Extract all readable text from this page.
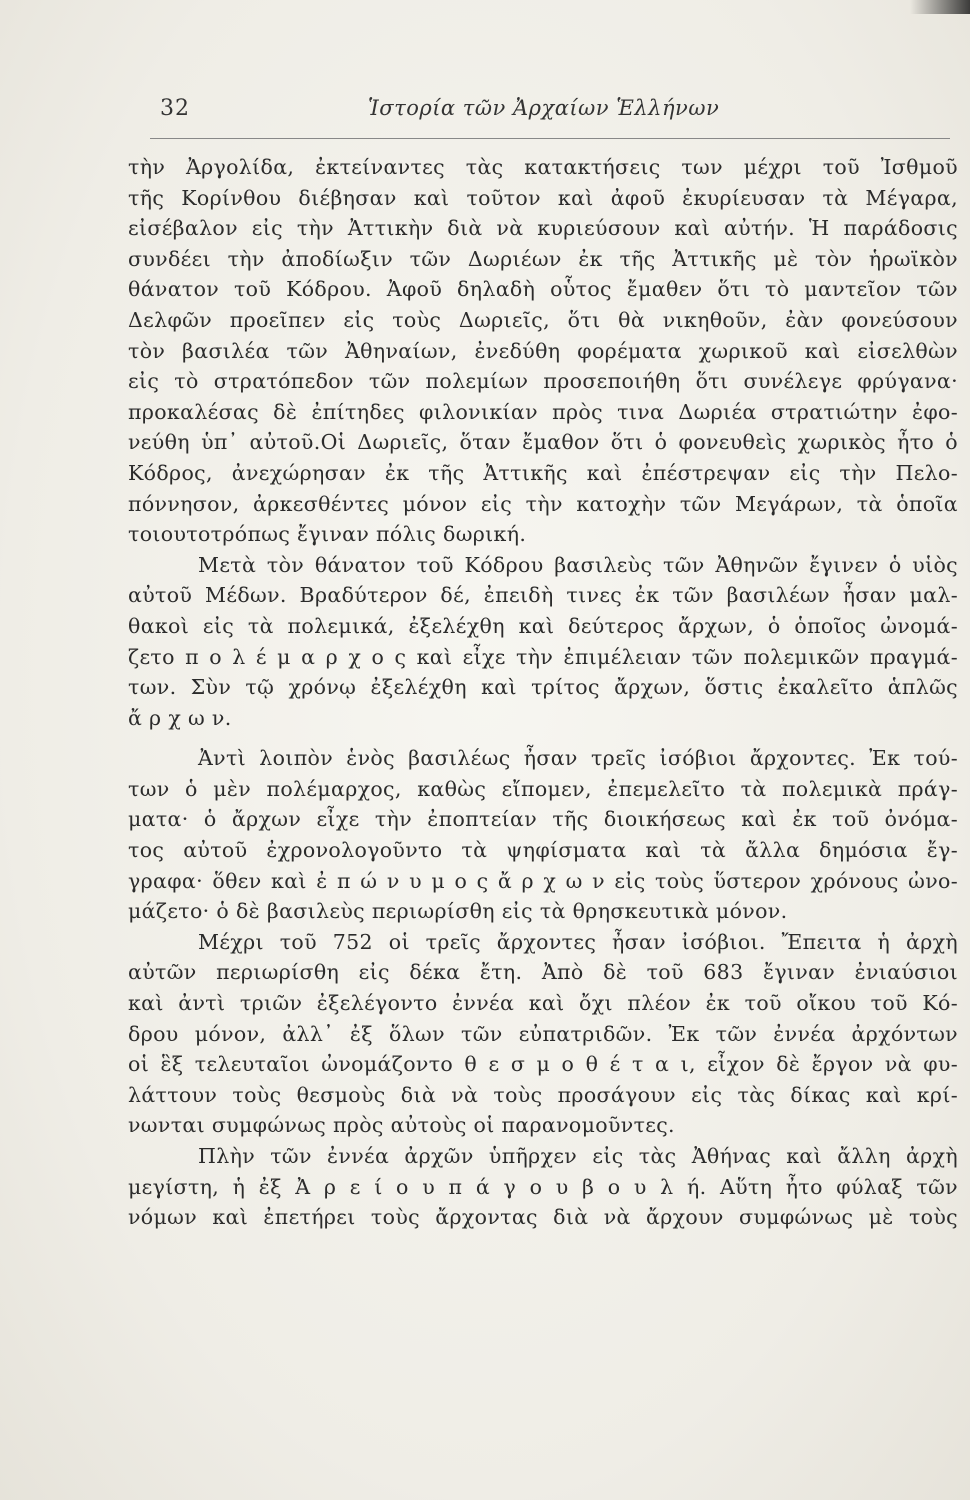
32	Ἱστορία τῶν Ἀρχαίων Ἑλλήνων
τὴν Ἀργολίδα, ἐκτείναντες τὰς κατακτήσεις των μέχρι τοῦ Ἰσθμοῦ
τῆς Κορίνθου διέβησαν καὶ τοῦτον καὶ ἀφοῦ ἐκυρίευσαν τὰ Μέγαρα,
εἰσέβαλον εἰς τὴν Ἀττικὴν διὰ νὰ κυριεύσουν καὶ αὐτήν. Ἡ παράδοσις
συνδέει τὴν ἀποδίωξιν τῶν Δωριέων ἐκ τῆς Ἀττικῆς μὲ τὸν ἡρωϊκὸν
θάνατον τοῦ Κόδρου. Ἀφοῦ δηλαδὴ οὗτος ἔμαθεν ὅτι τὸ μαντεῖον τῶν
Δελφῶν προεῖπεν εἰς τοὺς Δωριεῖς, ὅτι θὰ νικηθοῦν, ἐὰν φονεύσουν
τὸν βασιλέα τῶν Ἀθηναίων, ἐνεδύθη φορέματα χωρικοῦ καὶ εἰσελθὼν
εἰς τὸ στρατόπεδον τῶν πολεμίων προσεποιήθη ὅτι συνέλεγε φρύγανα·
προκαλέσας δὲ ἐπίτηδες φιλονικίαν πρὸς τινα Δωριέα στρατιώτην ἐφο-
νεύθη ὑπ᾽ αὐτοῦ.Οἱ Δωριεῖς, ὅταν ἔμαθον ὅτι ὁ φονευθεὶς χωρικὸς ἦτο ὁ
Κόδρος, ἀνεχώρησαν ἐκ τῆς Ἀττικῆς καὶ ἐπέστρεψαν εἰς τὴν Πελο-
πόννησον, ἀρκεσθέντες μόνον εἰς τὴν κατοχὴν τῶν Μεγάρων, τὰ ὁποῖα
τοιουτοτρόπως ἔγιναν πόλις δωρική.
Μετὰ τὸν θάνατον τοῦ Κόδρου βασιλεὺς τῶν Ἀθηνῶν ἔγινεν ὁ υἱὸς
αὐτοῦ Μέδων. Βραδύτερον δέ, ἐπειδὴ τινες ἐκ τῶν βασιλέων ἦσαν μαλ-
θακοὶ εἰς τὰ πολεμικά, ἐξελέχθη καὶ δεύτερος ἄρχων, ὁ ὁποῖος ὠνομά-
ζετο π ο λ έ μ α ρ χ ο ς καὶ εἶχε τὴν ἐπιμέλειαν τῶν πολεμικῶν πραγμά-
των. Σὺν τῷ χρόνῳ ἐξελέχθη καὶ τρίτος ἄρχων, ὅστις ἐκαλεῖτο ἁπλῶς
ἄ ρ χ ω ν.
Ἀντὶ λοιπὸν ἑνὸς βασιλέως ἦσαν τρεῖς ἰσόβιοι ἄρχοντες. Ἐκ τού-
των ὁ μὲν πολέμαρχος, καθὼς εἴπομεν, ἐπεμελεῖτο τὰ πολεμικὰ πράγ-
ματα· ὁ ἄρχων εἶχε τὴν ἐποπτείαν τῆς διοικήσεως καὶ ἐκ τοῦ ὀνόμα-
τος αὐτοῦ ἐχρονολογοῦντο τὰ ψηφίσματα καὶ τὰ ἄλλα δημόσια ἔγ-
γραφα· ὅθεν καὶ ἐ π ώ ν υ μ ο ς ἄ ρ χ ω ν εἰς τοὺς ὕστερον χρόνους ὠνο-
μάζετο· ὁ δὲ βασιλεὺς περιωρίσθη εἰς τὰ θρησκευτικὰ μόνον.
Μέχρι τοῦ 752 οἱ τρεῖς ἄρχοντες ἦσαν ἰσόβιοι. Ἔπειτα ἡ ἀρχὴ
αὐτῶν περιωρίσθη εἰς δέκα ἔτη. Ἀπὸ δὲ τοῦ 683 ἔγιναν ἐνιαύσιοι
καὶ ἀντὶ τριῶν ἐξελέγοντο ἐννέα καὶ ὄχι πλέον ἐκ τοῦ οἴκου τοῦ Κό-
δρου μόνον, ἀλλ᾽ ἐξ ὅλων τῶν εὐπατριδῶν. Ἐκ τῶν ἐννέα ἀρχόντων
οἱ ἓξ τελευταῖοι ὠνομάζοντο θ ε σ μ ο θ έ τ α ι, εἶχον δὲ ἔργον νὰ φυ-
λάττουν τοὺς θεσμοὺς διὰ νὰ τοὺς προσάγουν εἰς τὰς δίκας καὶ κρί-
νωνται συμφώνως πρὸς αὐτοὺς οἱ παρανομοῦντες.
Πλὴν τῶν ἐννέα ἀρχῶν ὑπῆρχεν εἰς τὰς Ἀθήνας καὶ ἄλλη ἀρχὴ
μεγίστη, ἡ ἐξ Ἀ ρ ε ί ο υ π ά γ ο υ β ο υ λ ή. Αὕτη ἦτο φύλαξ τῶν
νόμων καὶ ἐπετήρει τοὺς ἄρχοντας διὰ νὰ ἄρχουν συμφώνως μὲ τοὺς
